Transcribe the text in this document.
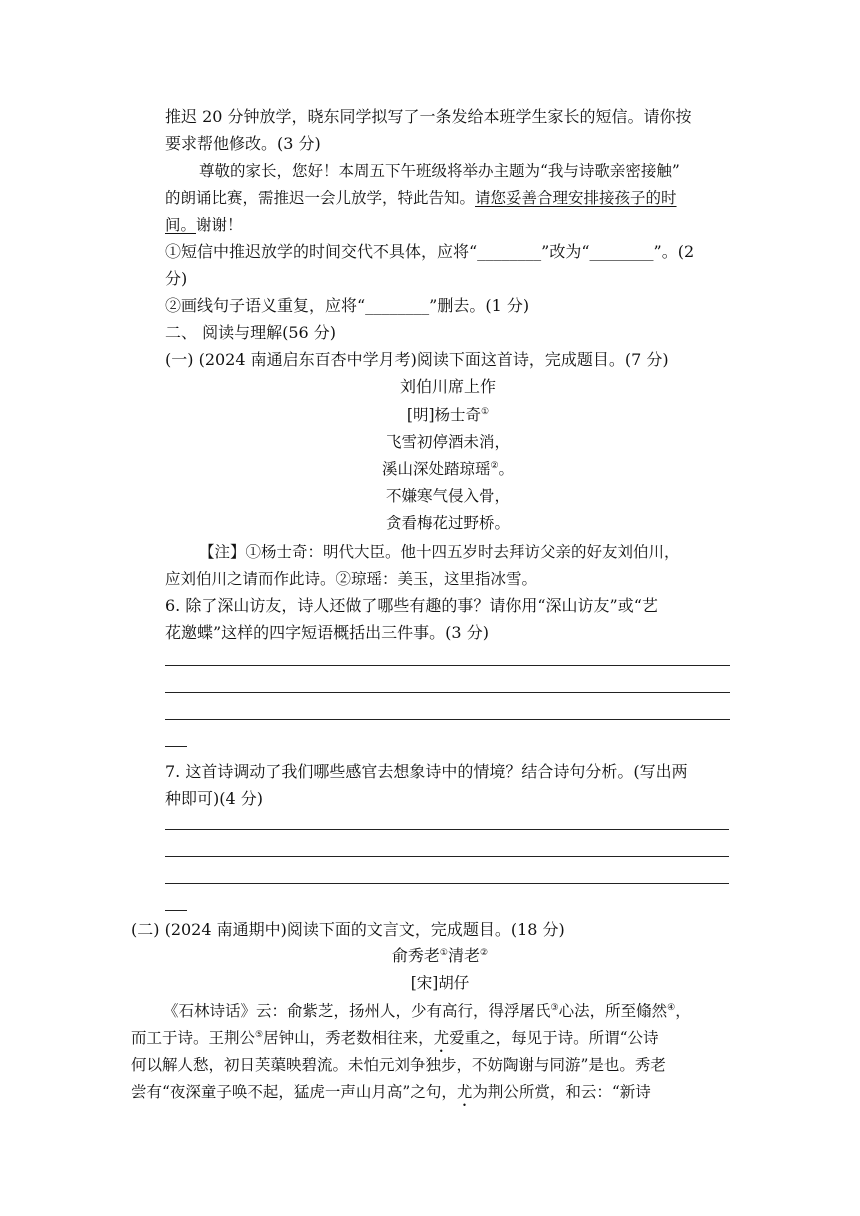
推迟 20 分钟放学，晓东同学拟写了一条发给本班学生家长的短信。请你按
要求帮他修改。(3 分)
尊敬的家长，您好！本周五下午班级将举办主题为“我与诗歌亲密接触”
的朗诵比赛，需推迟一会儿放学，特此告知。请您妥善合理安排接孩子的时
间。谢谢！
①短信中推迟放学的时间交代不具体，应将“________”改为“________”。(2
分)
②画线句子语义重复，应将“________”删去。(1 分)
二、 阅读与理解(56 分)
(一) (2024 南通启东百杏中学月考)阅读下面这首诗，完成题目。(7 分)
刘伯川席上作
[明]杨士奇①
飞雪初停酒未消，
溪山深处踏琼瑶②。
不嫌寒气侵入骨，
贪看梅花过野桥。
【注】①杨士奇：明代大臣。他十四五岁时去拜访父亲的好友刘伯川，
应刘伯川之请而作此诗。②琼瑶：美玉，这里指冰雪。
6. 除了深山访友，诗人还做了哪些有趣的事？请你用“深山访友”或“艺
花邀蝶”这样的四字短语概括出三件事。(3 分)
7. 这首诗调动了我们哪些感官去想象诗中的情境？结合诗句分析。(写出两
种即可)(4 分)
(二) (2024 南通期中)阅读下面的文言文，完成题目。(18 分)
俞秀老①清老②
[宋]胡仔
《石林诗话》云：俞紫芝，扬州人，少有高行，得浮屠氏③心法，所至翛然④，
而工于诗。王荆公⑤居钟山，秀老数相往来，尤爱重之，每见于诗。所谓“公诗
何以解人愁，初日芙蕖映碧流。未怕元刘争独步，不妨陶谢与同游”是也。秀老
尝有“夜深童子唤不起，猛虎一声山月高”之句，尤为荆公所赏，和云：“新诗
